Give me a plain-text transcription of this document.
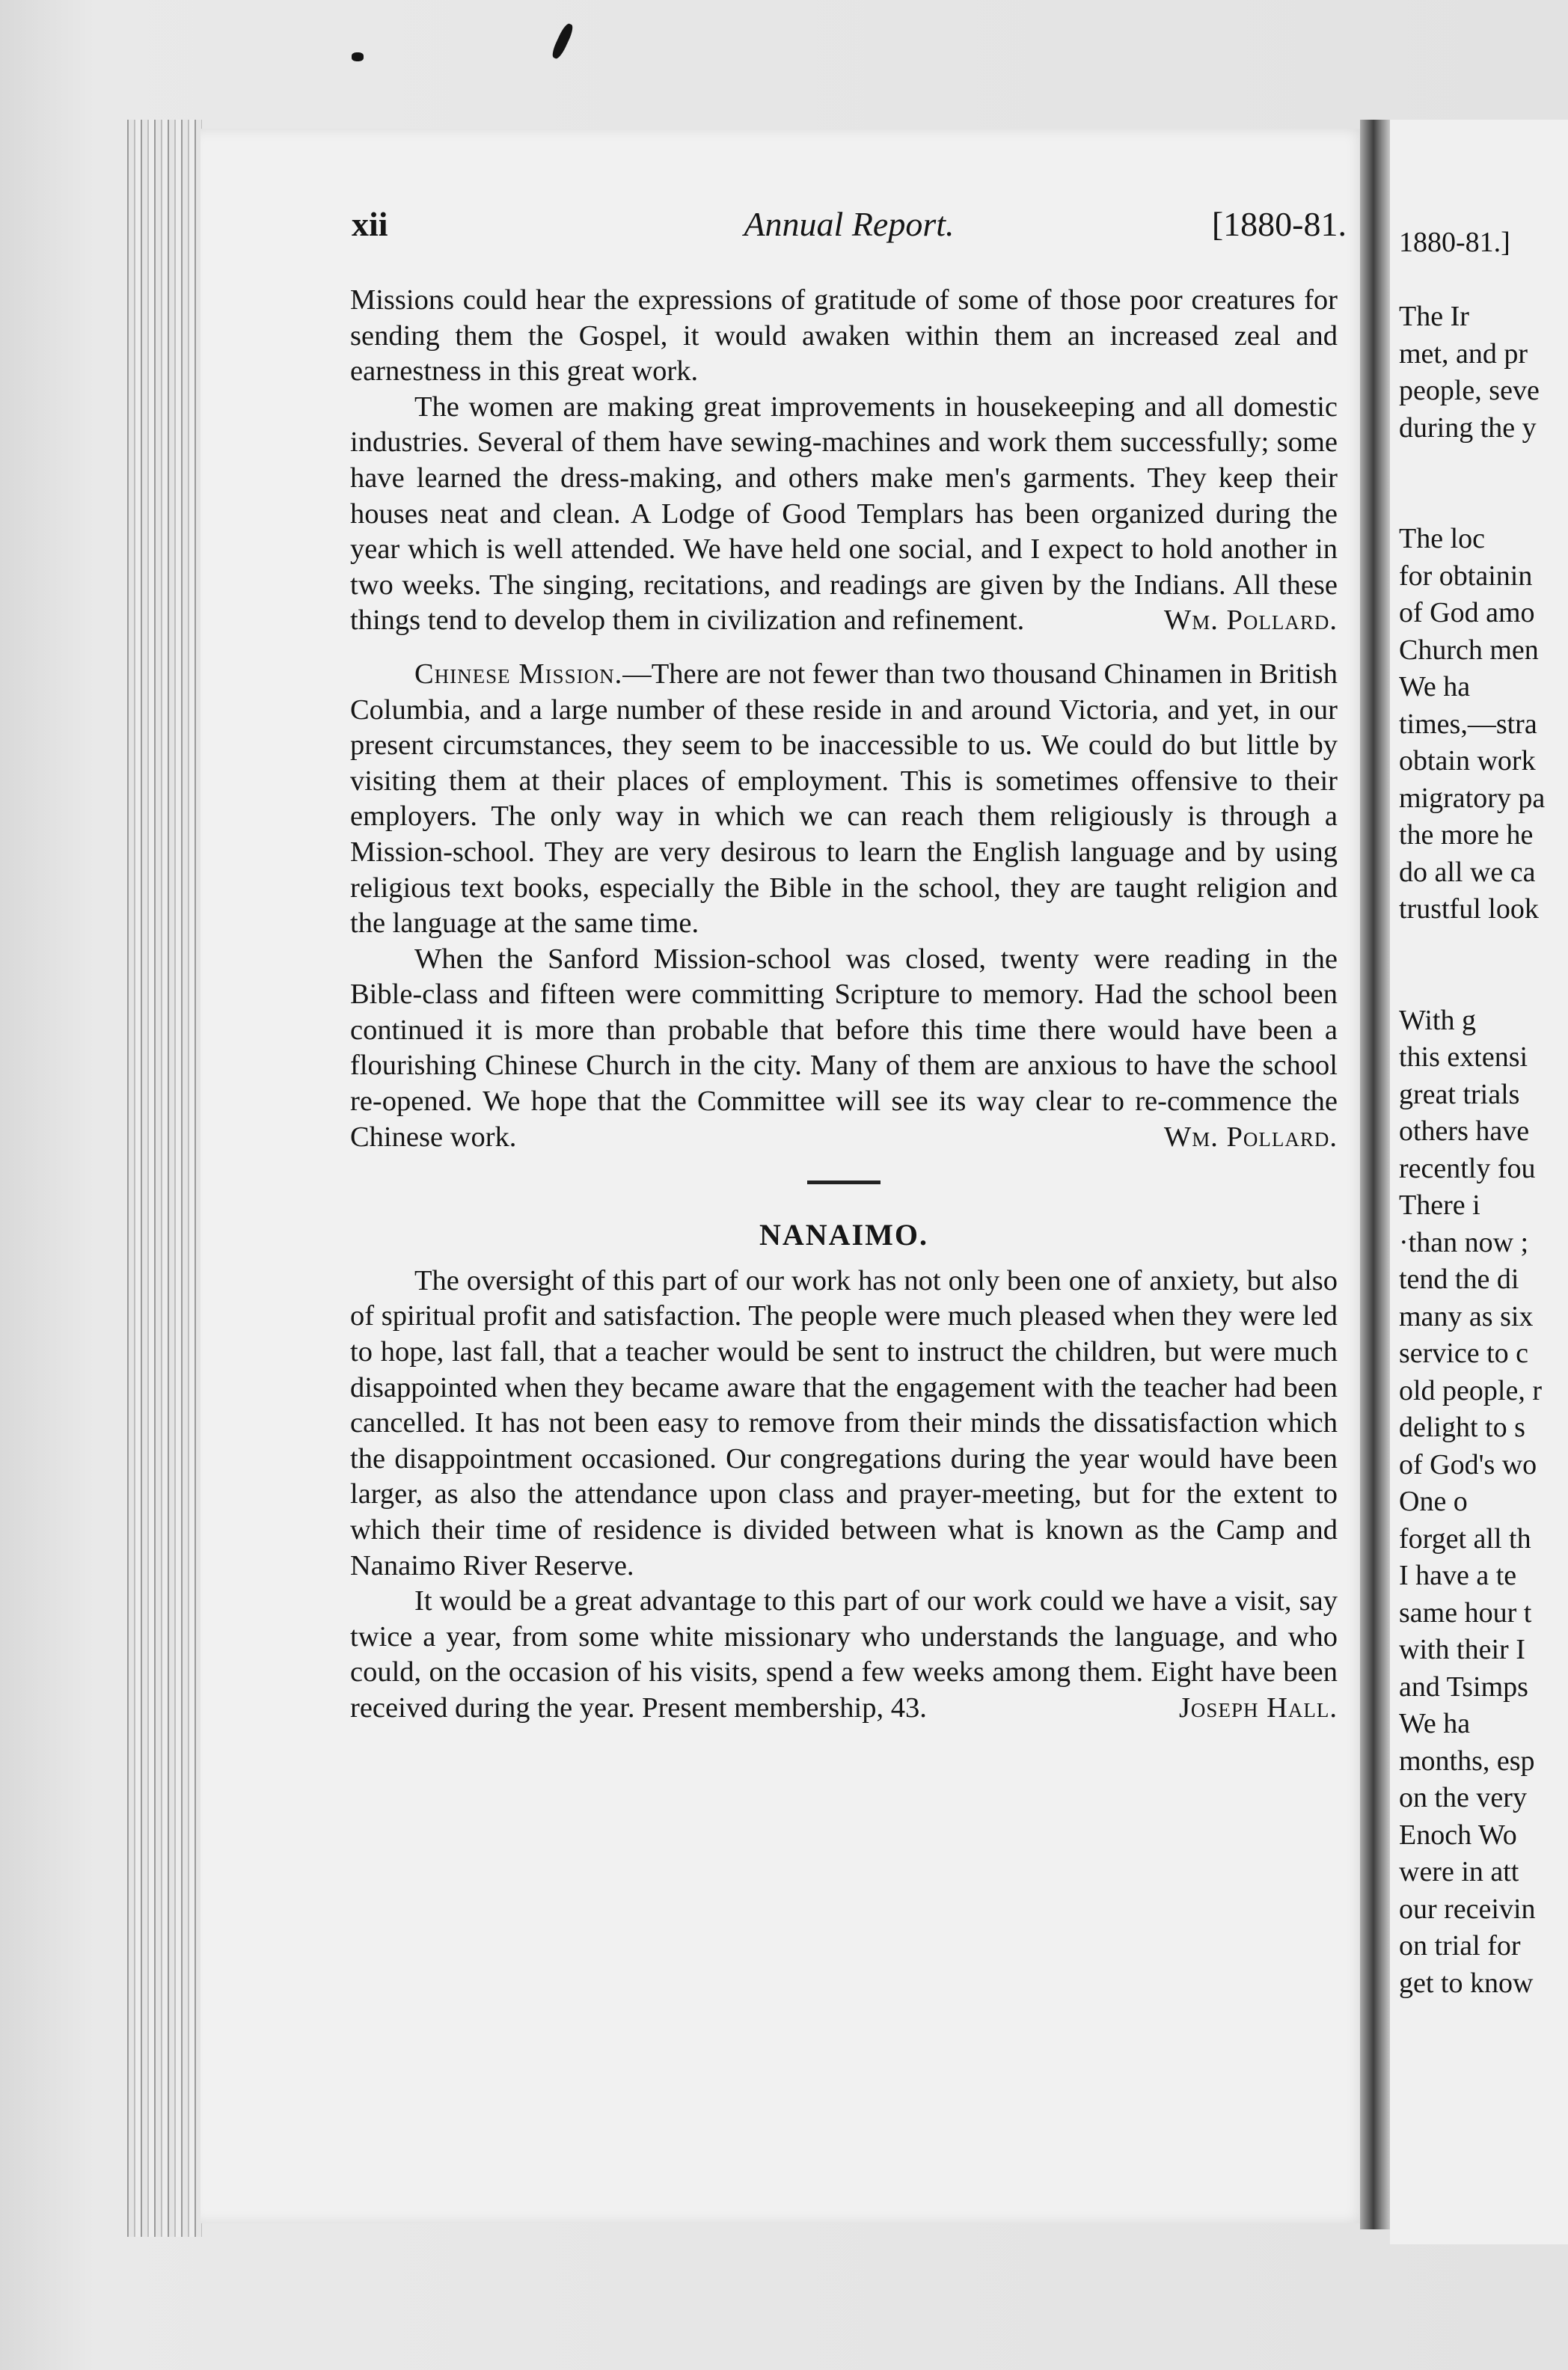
xii	Annual Report.	[1880-81.

Missions could hear the expressions of gratitude of some of those poor creatures for sending them the Gospel, it would awaken within them an increased zeal and earnestness in this great work.

The women are making great improvements in housekeeping and all domestic industries. Several of them have sewing-machines and work them successfully; some have learned the dress-making, and others make men's garments. They keep their houses neat and clean. A Lodge of Good Templars has been organized during the year which is well attended. We have held one social, and I expect to hold another in two weeks. The singing, recitations, and readings are given by the Indians. All these things tend to develop them in civilization and refinement.	Wm. Pollard.

Chinese Mission.—There are not fewer than two thousand Chinamen in British Columbia, and a large number of these reside in and around Victoria, and yet, in our present circumstances, they seem to be inaccessible to us. We could do but little by visiting them at their places of employment. This is sometimes offensive to their employers. The only way in which we can reach them religiously is through a Mission-school. They are very desirous to learn the English language and by using religious text books, especially the Bible in the school, they are taught religion and the language at the same time.

When the Sanford Mission-school was closed, twenty were reading in the Bible-class and fifteen were committing Scripture to memory. Had the school been continued it is more than probable that before this time there would have been a flourishing Chinese Church in the city. Many of them are anxious to have the school re-opened. We hope that the Committee will see its way clear to re-commence the Chinese work.	Wm. Pollard.

NANAIMO.

The oversight of this part of our work has not only been one of anxiety, but also of spiritual profit and satisfaction. The people were much pleased when they were led to hope, last fall, that a teacher would be sent to instruct the children, but were much disappointed when they became aware that the engagement with the teacher had been cancelled. It has not been easy to remove from their minds the dissatisfaction which the disappointment occasioned. Our congregations during the year would have been larger, as also the attendance upon class and prayer-meeting, but for the extent to which their time of residence is divided between what is known as the Camp and Nanaimo River Reserve.

It would be a great advantage to this part of our work could we have a visit, say twice a year, from some white missionary who understands the language, and who could, on the occasion of his visits, spend a few weeks among them. Eight have been received during the year. Present membership, 43.	Joseph Hall.

1880-81.]
The Ir
met, and pr
people, seve
during the y
The loc
for obtainin
of God amo
Church men
We ha
times,—stra
obtain work
migratory pa
the more he
do all we ca
trustful look
With g
this extensi
great trials
others have
recently fou
There i
·than now ;
tend the di
many as six
service to c
old people, r
delight to s
of God's wo
One o
forget all th
I have a te
same hour t
with their I
and Tsimps
We ha
months, esp
on the very
Enoch Wo
were in att
our receivin
on trial for
get to know
